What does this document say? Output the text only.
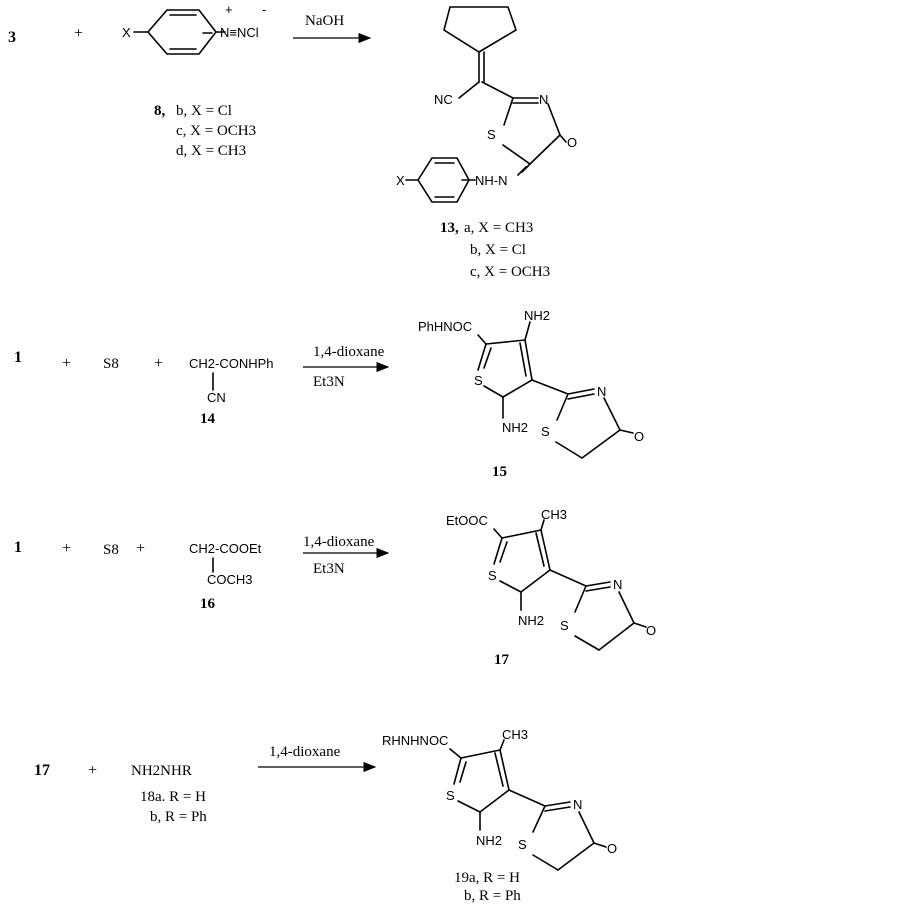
3	+	X	N≡NCl
+ -
8, b, X = Cl
c, X = OCH3
d, X = CH3
NaOH
NC	N
O
S
NH-N
X
13, a, X = CH3
b, X = Cl
c, X = OCH3
1	+ S8 + CH2-CONHPh
CN
14
1,4-dioxane
Et3N
PhHNOC
NH2
S
NH2
N
O
S
15
1	+ S8 +	CH2-COOEt
COCH3
16
1,4-dioxane
Et3N
EtOOC	CH3
S
NH2
N
O
S
17
17 + NH2NHR
18a. R = H
b, R = Ph
1,4-dioxane
RHNHNOC	CH3
S
NH2
N
O
S
19a, R = H
b, R = Ph
